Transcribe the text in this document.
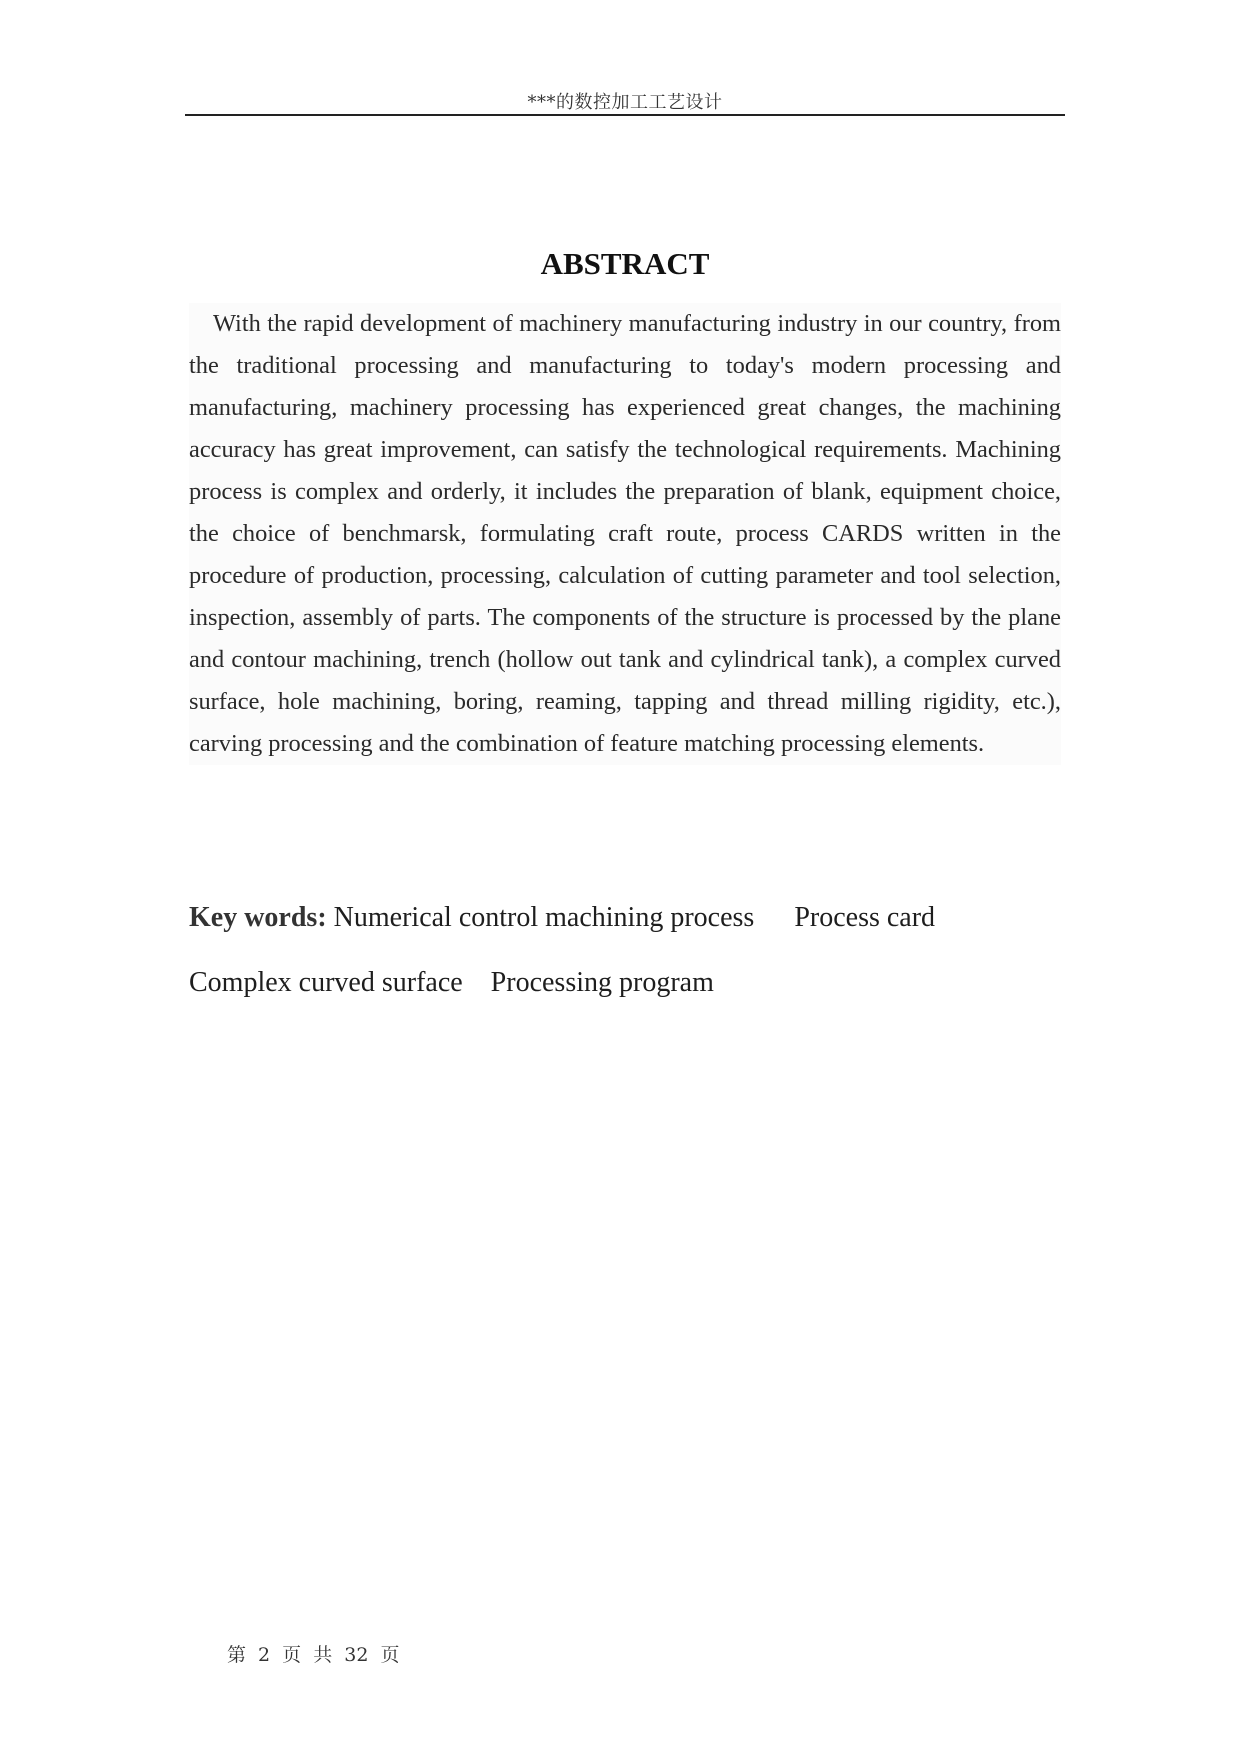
***的数控加工工艺设计
ABSTRACT

With the rapid development of machinery manufacturing industry in our country, from the traditional processing and manufacturing to today's modern processing and manufacturing, machinery processing has experienced great changes, the machining accuracy has great improvement, can satisfy the technological requirements. Machining process is complex and orderly, it includes the preparation of blank, equipment choice, the choice of benchmarsk, formulating craft route, process CARDS written in the procedure of production, processing, calculation of cutting parameter and tool selection, inspection, assembly of parts. The components of the structure is processed by the plane and contour machining, trench (hollow out tank and cylindrical tank), a complex curved surface, hole machining, boring, reaming, tapping and thread milling rigidity, etc.), carving processing and the combination of feature matching processing elements.

Key words: Numerical control machining process Process card
Complex curved surface Processing program
第 2 页 共 32 页
